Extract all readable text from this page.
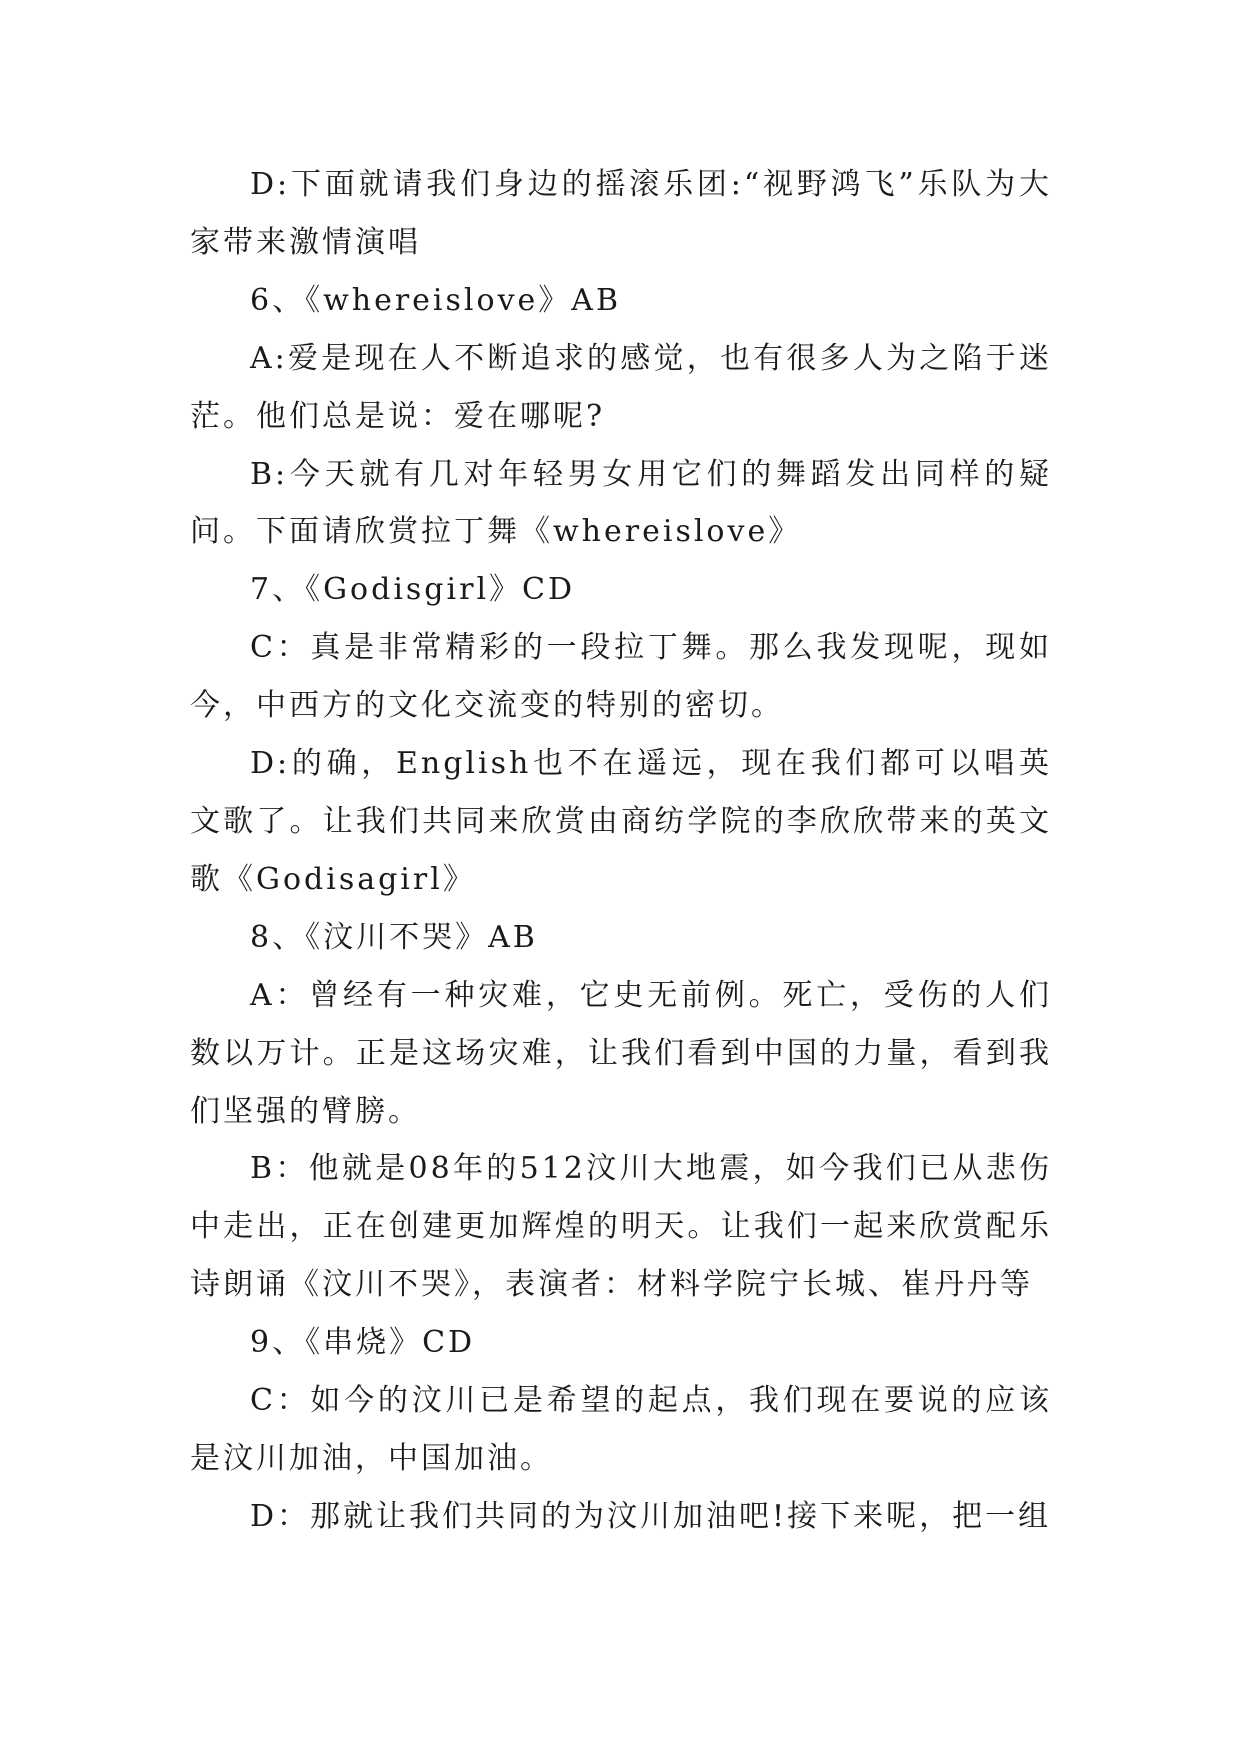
D:下面就请我们身边的摇滚乐团:“视野鸿飞”乐队为大家带来激情演唱

6、《whereislove》AB

A:爱是现在人不断追求的感觉，也有很多人为之陷于迷茫。他们总是说：爱在哪呢?

B:今天就有几对年轻男女用它们的舞蹈发出同样的疑问。下面请欣赏拉丁舞《whereislove》

7、《Godisgirl》CD

C：真是非常精彩的一段拉丁舞。那么我发现呢，现如今，中西方的文化交流变的特别的密切。

D:的确，English也不在遥远，现在我们都可以唱英文歌了。让我们共同来欣赏由商纺学院的李欣欣带来的英文歌《Godisagirl》

8、《汶川不哭》AB

A：曾经有一种灾难，它史无前例。死亡，受伤的人们数以万计。正是这场灾难，让我们看到中国的力量，看到我们坚强的臂膀。

B：他就是08年的512汶川大地震，如今我们已从悲伤中走出，正在创建更加辉煌的明天。让我们一起来欣赏配乐诗朗诵《汶川不哭》，表演者：材料学院宁长城、崔丹丹等

9、《串烧》CD

C：如今的汶川已是希望的起点，我们现在要说的应该是汶川加油，中国加油。

D：那就让我们共同的为汶川加油吧!接下来呢，把一组
